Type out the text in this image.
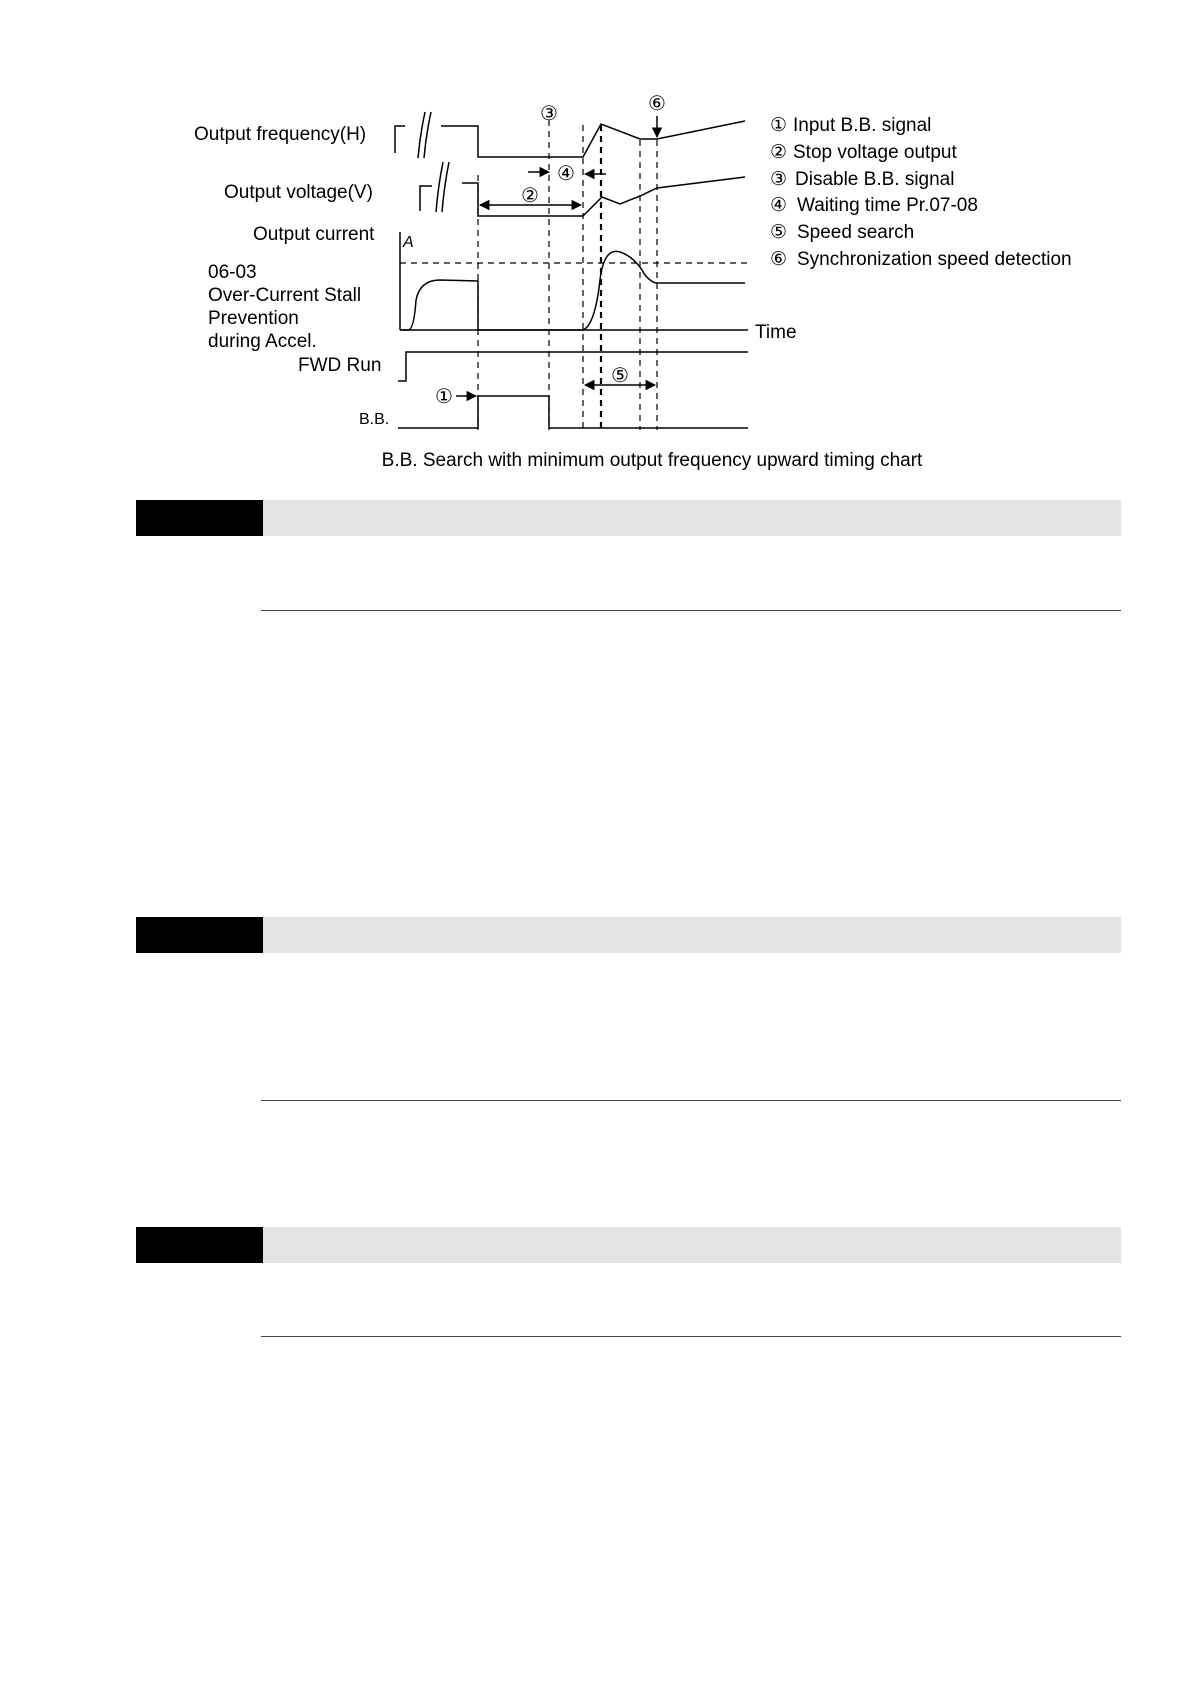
Output frequency(H)
Output voltage(V)
Output current A
06-03
Over-Current Stall
Prevention
during Accel.
FWD Run
B.B.
Time
③	⑥
④
②
⑤
①
① Input B.B. signal
② Stop voltage output
③ Disable B.B. signal
④ Waiting time Pr.07-08
⑤ Speed search
⑥ Synchronization speed detection
B.B. Search with minimum output frequency upward timing chart
